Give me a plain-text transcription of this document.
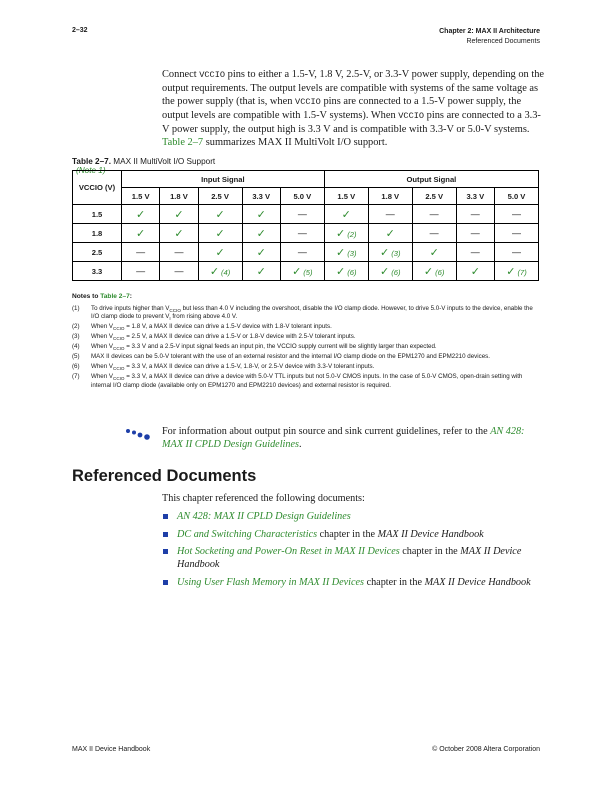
2–32	Chapter 2: MAX II Architecture
Referenced Documents
Connect VCCIO pins to either a 1.5-V, 1.8 V, 2.5-V, or 3.3-V power supply, depending on the output requirements. The output levels are compatible with systems of the same voltage as the power supply (that is, when VCCIO pins are connected to a 1.5-V power supply, the output levels are compatible with 1.5-V systems). When VCCIO pins are connected to a 3.3-V power supply, the output high is 3.3 V and is compatible with 3.3-V or 5.0-V systems. Table 2–7 summarizes MAX II MultiVolt I/O support.
Table 2–7. MAX II MultiVolt I/O Support
(Note 1)
VCCIO (V)	Input Signal					Output Signal				
	1.5 V	1.8 V	2.5 V	3.3 V	5.0 V	1.5 V	1.8 V	2.5 V	3.3 V	5.0 V
1.5	✓	✓	✓	✓	—	✓	—	—	—	—
1.8	✓	✓	✓	✓	—	✓ (2)	✓	—	—	—
2.5	—	—	✓	✓	—	✓ (3)	✓ (3)	✓	—	—
3.3	—	—	✓ (4)	✓	✓ (5)	✓ (6)	✓ (6)	✓ (6)	✓	✓ (7)
Notes to Table 2–7:
(1)	To drive inputs higher than $V_{CCIO}$ but less than 4.0 V including the overshoot, disable the I/O clamp diode. However, to drive 5.0-V inputs to the device, enable the I/O clamp diode to prevent $V_I$ from rising above 4.0 V.
(2)	When $V_{CCIO} = 1.8$ V, a MAX II device can drive a 1.5-V device with 1.8-V tolerant inputs.
(3)	When $V_{CCIO} = 2.5$ V, a MAX II device can drive a 1.5-V or 1.8-V device with 2.5-V tolerant inputs.
(4)	When $V_{CCIO} = 3.3$ V and a 2.5-V input signal feeds an input pin, the VCCIO supply current will be slightly larger than expected.
(5)	MAX II devices can be 5.0-V tolerant with the use of an external resistor and the internal I/O clamp diode on the EPM1270 and EPM2210 devices.
(6)	When $V_{CCIO} = 3.3$ V, a MAX II device can drive a 1.5-V, 1.8-V, or 2.5-V device with 3.3-V tolerant inputs.
(7)	When $V_{CCIO} = 3.3$ V, a MAX II device can drive a device with 5.0-V TTL inputs but not 5.0-V CMOS inputs. In the case of 5.0-V CMOS, open-drain setting with internal I/O clamp diode (available only on EPM1270 and EPM2210 devices) and external resistor is required.
For information about output pin source and sink current guidelines, refer to the AN 428: MAX II CPLD Design Guidelines.
Referenced Documents
This chapter referenced the following documents:
AN 428: MAX II CPLD Design Guidelines
DC and Switching Characteristics chapter in the MAX II Device Handbook
Hot Socketing and Power-On Reset in MAX II Devices chapter in the MAX II Device Handbook
Using User Flash Memory in MAX II Devices chapter in the MAX II Device Handbook
MAX II Device Handbook	© October 2008 Altera Corporation
